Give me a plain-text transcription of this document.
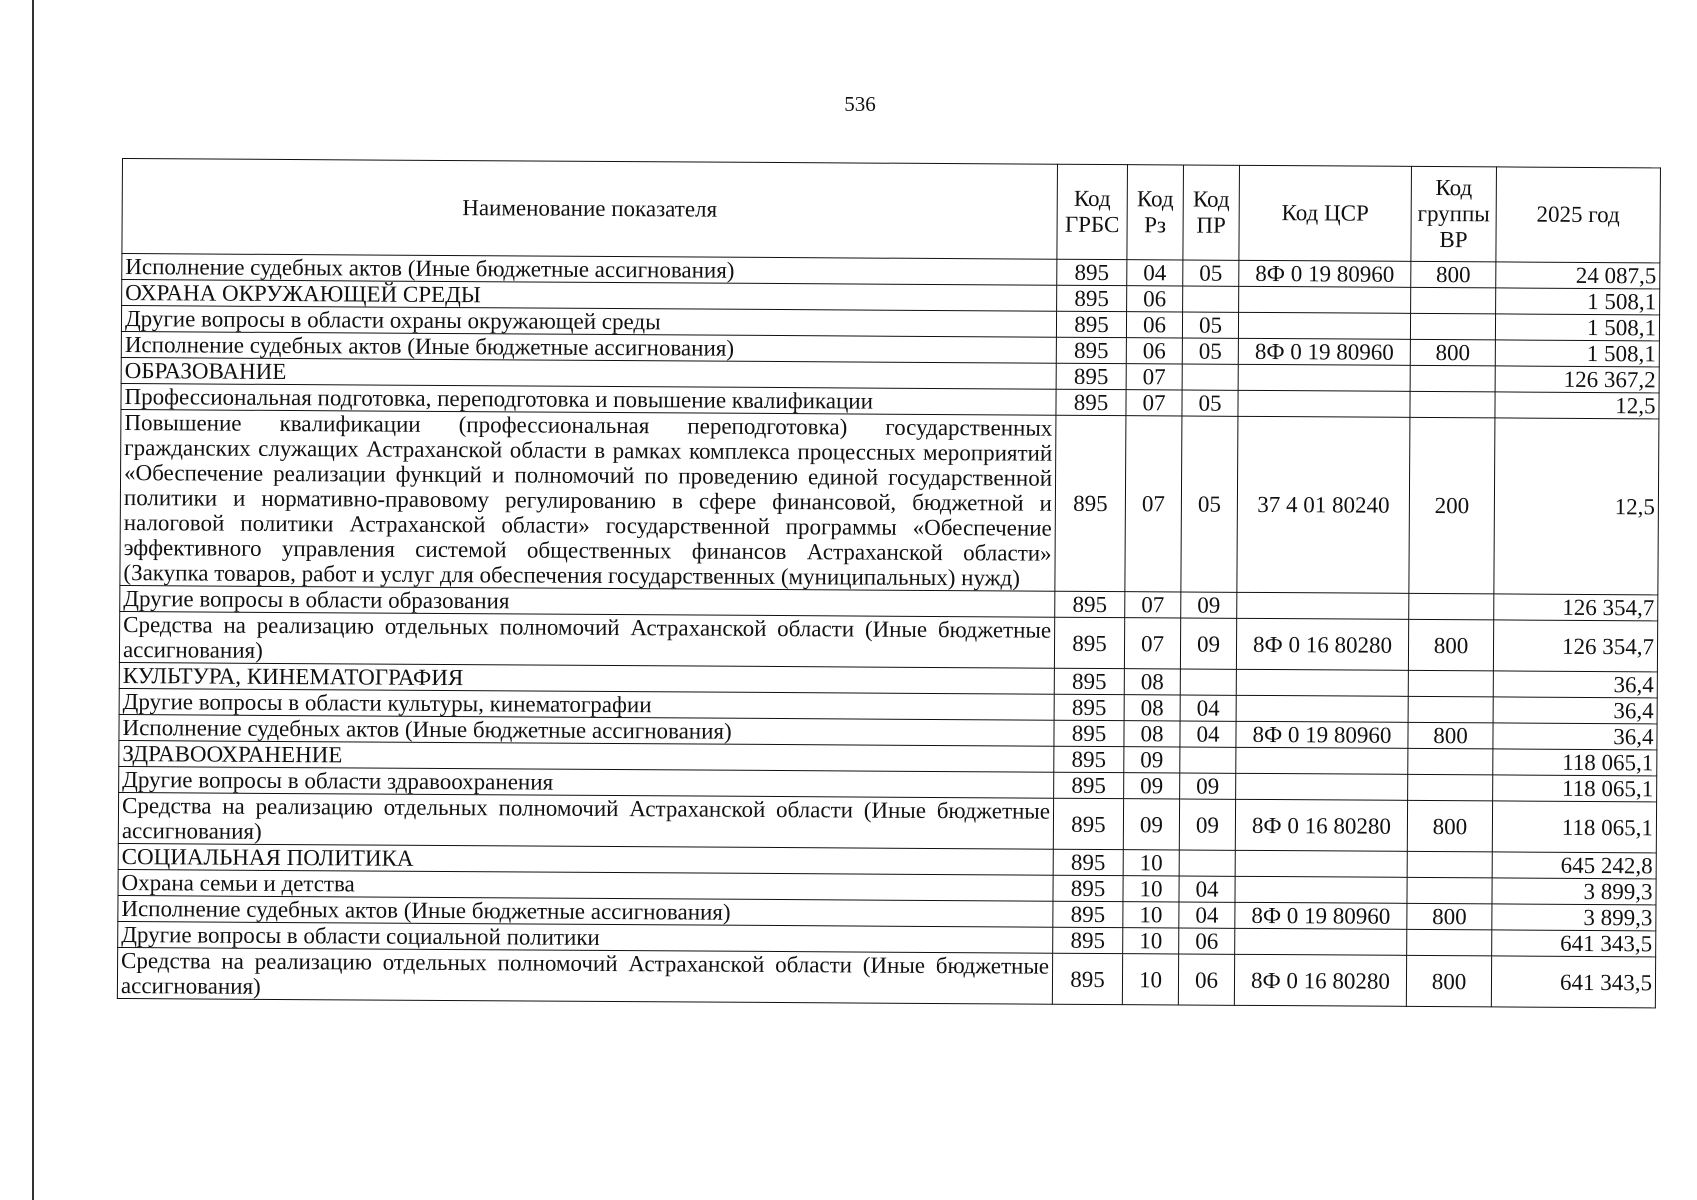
536
Наименование показателя	Код ГРБС	Код Рз	Код ПР	Код ЦСР	Код группы ВР	2025 год
Исполнение судебных актов (Иные бюджетные ассигнования)	895	04	05	8Ф 0 19 80960	800	24 087,5
ОХРАНА ОКРУЖАЮЩЕЙ СРЕДЫ	895	06				1 508,1
Другие вопросы в области охраны окружающей среды	895	06	05			1 508,1
Исполнение судебных актов (Иные бюджетные ассигнования)	895	06	05	8Ф 0 19 80960	800	1 508,1
ОБРАЗОВАНИЕ	895	07				126 367,2
Профессиональная подготовка, переподготовка и повышение квалификации	895	07	05			12,5
Повышение квалификации (профессиональная переподготовка) государственных гражданских служащих Астраханской области в рамках комплекса процессных мероприятий «Обеспечение реализации функций и полномочий по проведению единой государственной политики и нормативно-правовому регулированию в сфере финансовой, бюджетной и налоговой политики Астраханской области» государственной программы «Обеспечение эффективного управления системой общественных финансов Астраханской области» (Закупка товаров, работ и услуг для обеспечения государственных (муниципальных) нужд)	895	07	05	37 4 01 80240	200	12,5
Другие вопросы в области образования	895	07	09			126 354,7
Средства на реализацию отдельных полномочий Астраханской области (Иные бюджетные ассигнования)	895	07	09	8Ф 0 16 80280	800	126 354,7
КУЛЬТУРА, КИНЕМАТОГРАФИЯ	895	08				36,4
Другие вопросы в области культуры, кинематографии	895	08	04			36,4
Исполнение судебных актов (Иные бюджетные ассигнования)	895	08	04	8Ф 0 19 80960	800	36,4
ЗДРАВООХРАНЕНИЕ	895	09				118 065,1
Другие вопросы в области здравоохранения	895	09	09			118 065,1
Средства на реализацию отдельных полномочий Астраханской области (Иные бюджетные ассигнования)	895	09	09	8Ф 0 16 80280	800	118 065,1
СОЦИАЛЬНАЯ ПОЛИТИКА	895	10				645 242,8
Охрана семьи и детства	895	10	04			3 899,3
Исполнение судебных актов (Иные бюджетные ассигнования)	895	10	04	8Ф 0 19 80960	800	3 899,3
Другие вопросы в области социальной политики	895	10	06			641 343,5
Средства на реализацию отдельных полномочий Астраханской области (Иные бюджетные ассигнования)	895	10	06	8Ф 0 16 80280	800	641 343,5
